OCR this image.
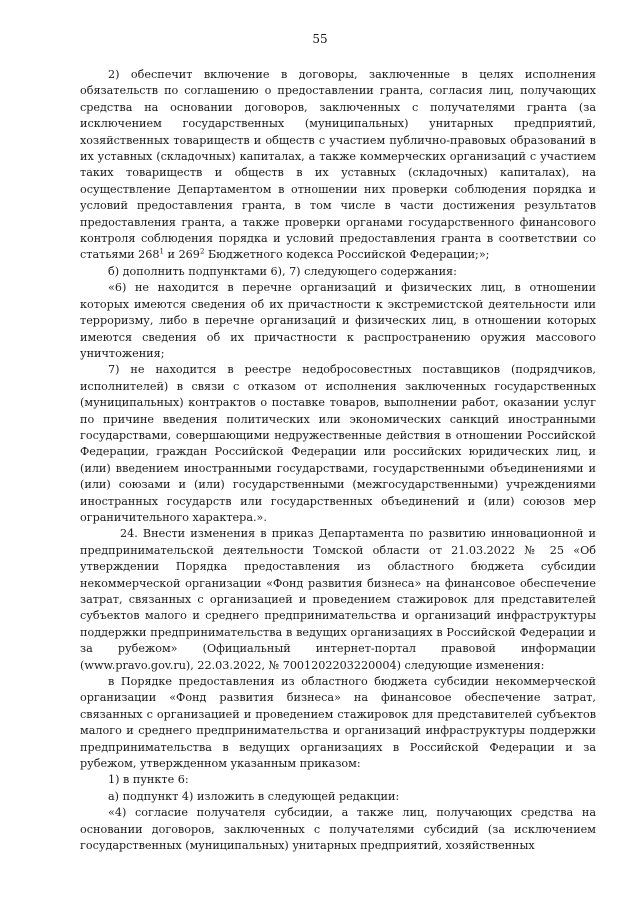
55

2) обеспечит включение в договоры, заключенные в целях исполнения обязательств по соглашению о предоставлении гранта, согласия лиц, получающих средства на основании договоров, заключенных с получателями гранта (за исключением государственных (муниципальных) унитарных предприятий, хозяйственных товариществ и обществ с участием публично-правовых образований в их уставных (складочных) капиталах, а также коммерческих организаций с участием таких товариществ и обществ в их уставных (складочных) капиталах), на осуществление Департаментом в отношении них проверки соблюдения порядка и условий предоставления гранта, в том числе в части достижения результатов предоставления гранта, а также проверки органами государственного финансового контроля соблюдения порядка и условий предоставления гранта в соответствии со статьями $268^1$ и $269^2$ Бюджетного кодекса Российской Федерации;»;

б) дополнить подпунктами 6), 7) следующего содержания:

«6) не находится в перечне организаций и физических лиц, в отношении которых имеются сведения об их причастности к экстремистской деятельности или терроризму, либо в перечне организаций и физических лиц, в отношении которых имеются сведения об их причастности к распространению оружия массового уничтожения;

7) не находится в реестре недобросовестных поставщиков (подрядчиков, исполнителей) в связи с отказом от исполнения заключенных государственных (муниципальных) контрактов о поставке товаров, выполнении работ, оказании услуг по причине введения политических или экономических санкций иностранными государствами, совершающими недружественные действия в отношении Российской Федерации, граждан Российской Федерации или российских юридических лиц, и (или) введением иностранными государствами, государственными объединениями и (или) союзами и (или) государственными (межгосударственными) учреждениями иностранных государств или государственных объединений и (или) союзов мер ограничительного характера.».

24. Внести изменения в приказ Департамента по развитию инновационной и предпринимательской деятельности Томской области от 21.03.2022 № 25 «Об утверждении Порядка предоставления из областного бюджета субсидии некоммерческой организации «Фонд развития бизнеса» на финансовое обеспечение затрат, связанных с организацией и проведением стажировок для представителей субъектов малого и среднего предпринимательства и организаций инфраструктуры поддержки предпринимательства в ведущих организациях в Российской Федерации и за рубежом» (Официальный интернет-портал правовой информации (www.pravo.gov.ru), 22.03.2022, № 7001202203220004) следующие изменения:

в Порядке предоставления из областного бюджета субсидии некоммерческой организации «Фонд развития бизнеса» на финансовое обеспечение затрат, связанных с организацией и проведением стажировок для представителей субъектов малого и среднего предпринимательства и организаций инфраструктуры поддержки предпринимательства в ведущих организациях в Российской Федерации и за рубежом, утвержденном указанным приказом:

1) в пункте 6:

а) подпункт 4) изложить в следующей редакции:

«4) согласие получателя субсидии, а также лиц, получающих средства на основании договоров, заключенных с получателями субсидий (за исключением государственных (муниципальных) унитарных предприятий, хозяйственных
